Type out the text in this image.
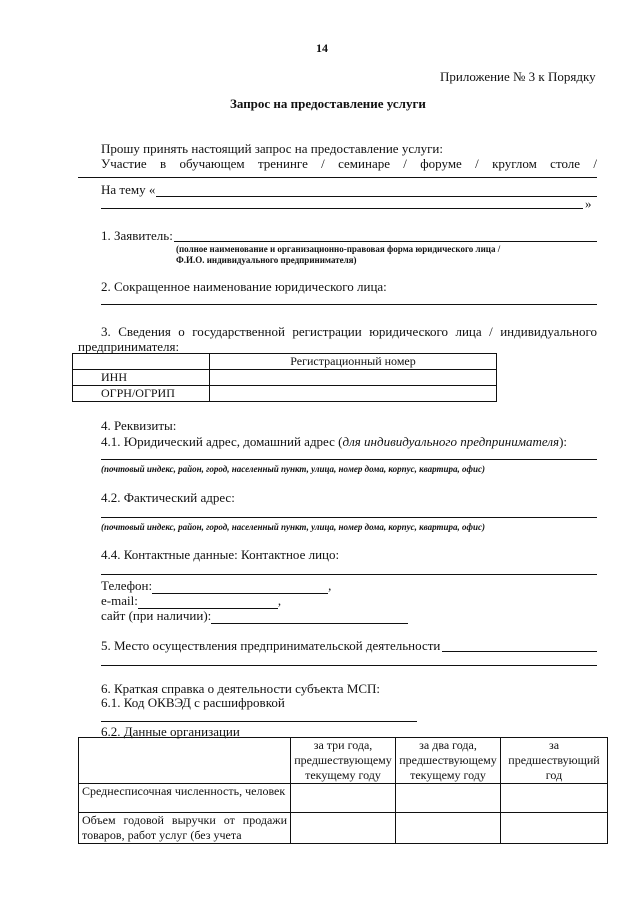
14
Приложение № 3 к Порядку
Запрос на предоставление услуги
Прошу принять настоящий запрос на предоставление услуги:
Участие в обучающем тренинге / семинаре / форуме / круглом столе /
На тему «
»
1. Заявитель:
(полное наименование и организационно-правовая форма юридического лица /
Ф.И.О. индивидуального предпринимателя)
2. Сокращенное наименование юридического лица:
3. Сведения о государственной регистрации юридического лица / индивидуального
предпринимателя:
	Регистрационный номер
ИНН	
ОГРН/ОГРИП	
4. Реквизиты:
4.1. Юридический адрес, домашний адрес (для индивидуального предпринимателя):
(почтовый индекс, район, город, населенный пункт, улица, номер дома, корпус, квартира, офис)
4.2. Фактический адрес:
(почтовый индекс, район, город, населенный пункт, улица, номер дома, корпус, квартира, офис)
4.4. Контактные данные: Контактное лицо:
Телефон:	,
e-mail:	,
сайт (при наличии):
5. Место осуществления предпринимательской деятельности
6. Краткая справка о деятельности субъекта МСП:
6.1. Код ОКВЭД с расшифровкой
6.2. Данные организации
	за три года, предшествующему текущему году	за два года, предшествующему текущему году	за предшествующий год
Среднесписочная численность, человек			
Объем годовой выручки от продажи товаров, работ услуг (без учета			
